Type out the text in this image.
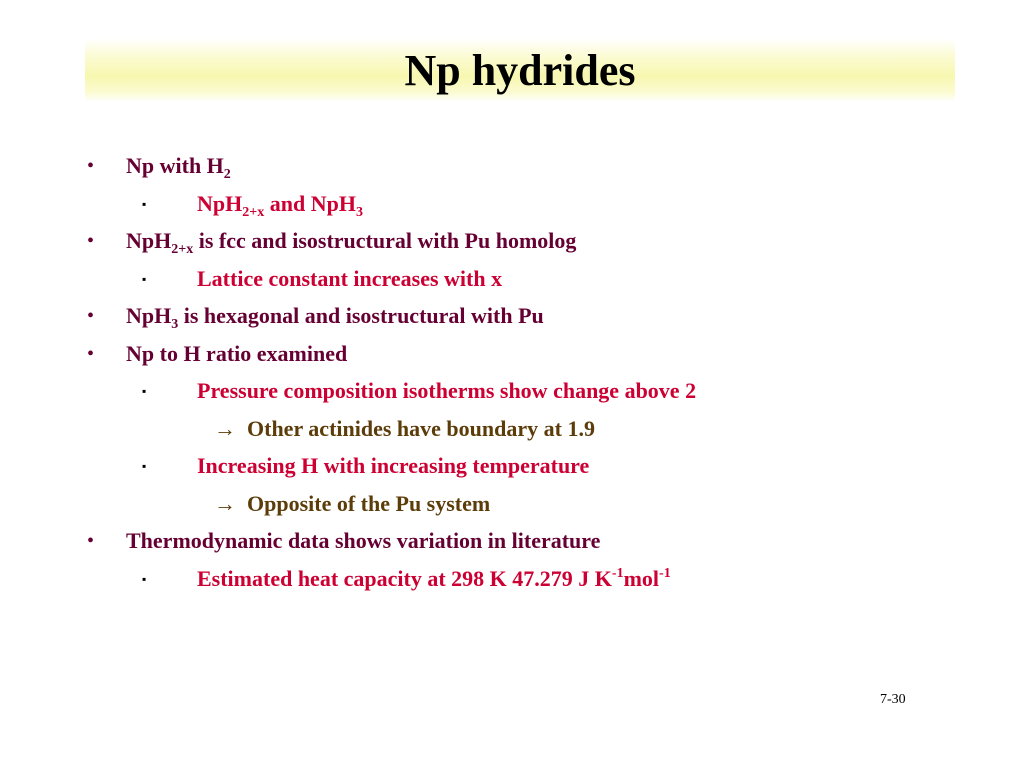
Np hydrides
• Np with $H_2$
▪ NpH$_{2+x}$ and NpH$_3$
• NpH$_{2+x}$ is fcc and isostructural with Pu homolog
▪ Lattice constant increases with x
• NpH$_3$ is hexagonal and isostructural with Pu
• Np to H ratio examined
▪ Pressure composition isotherms show change above 2
→ Other actinides have boundary at 1.9
▪ Increasing H with increasing temperature
→ Opposite of the Pu system
• Thermodynamic data shows variation in literature
▪ Estimated heat capacity at 298 K 47.279 J $K^{-1}mol^{-1}$
7-30
